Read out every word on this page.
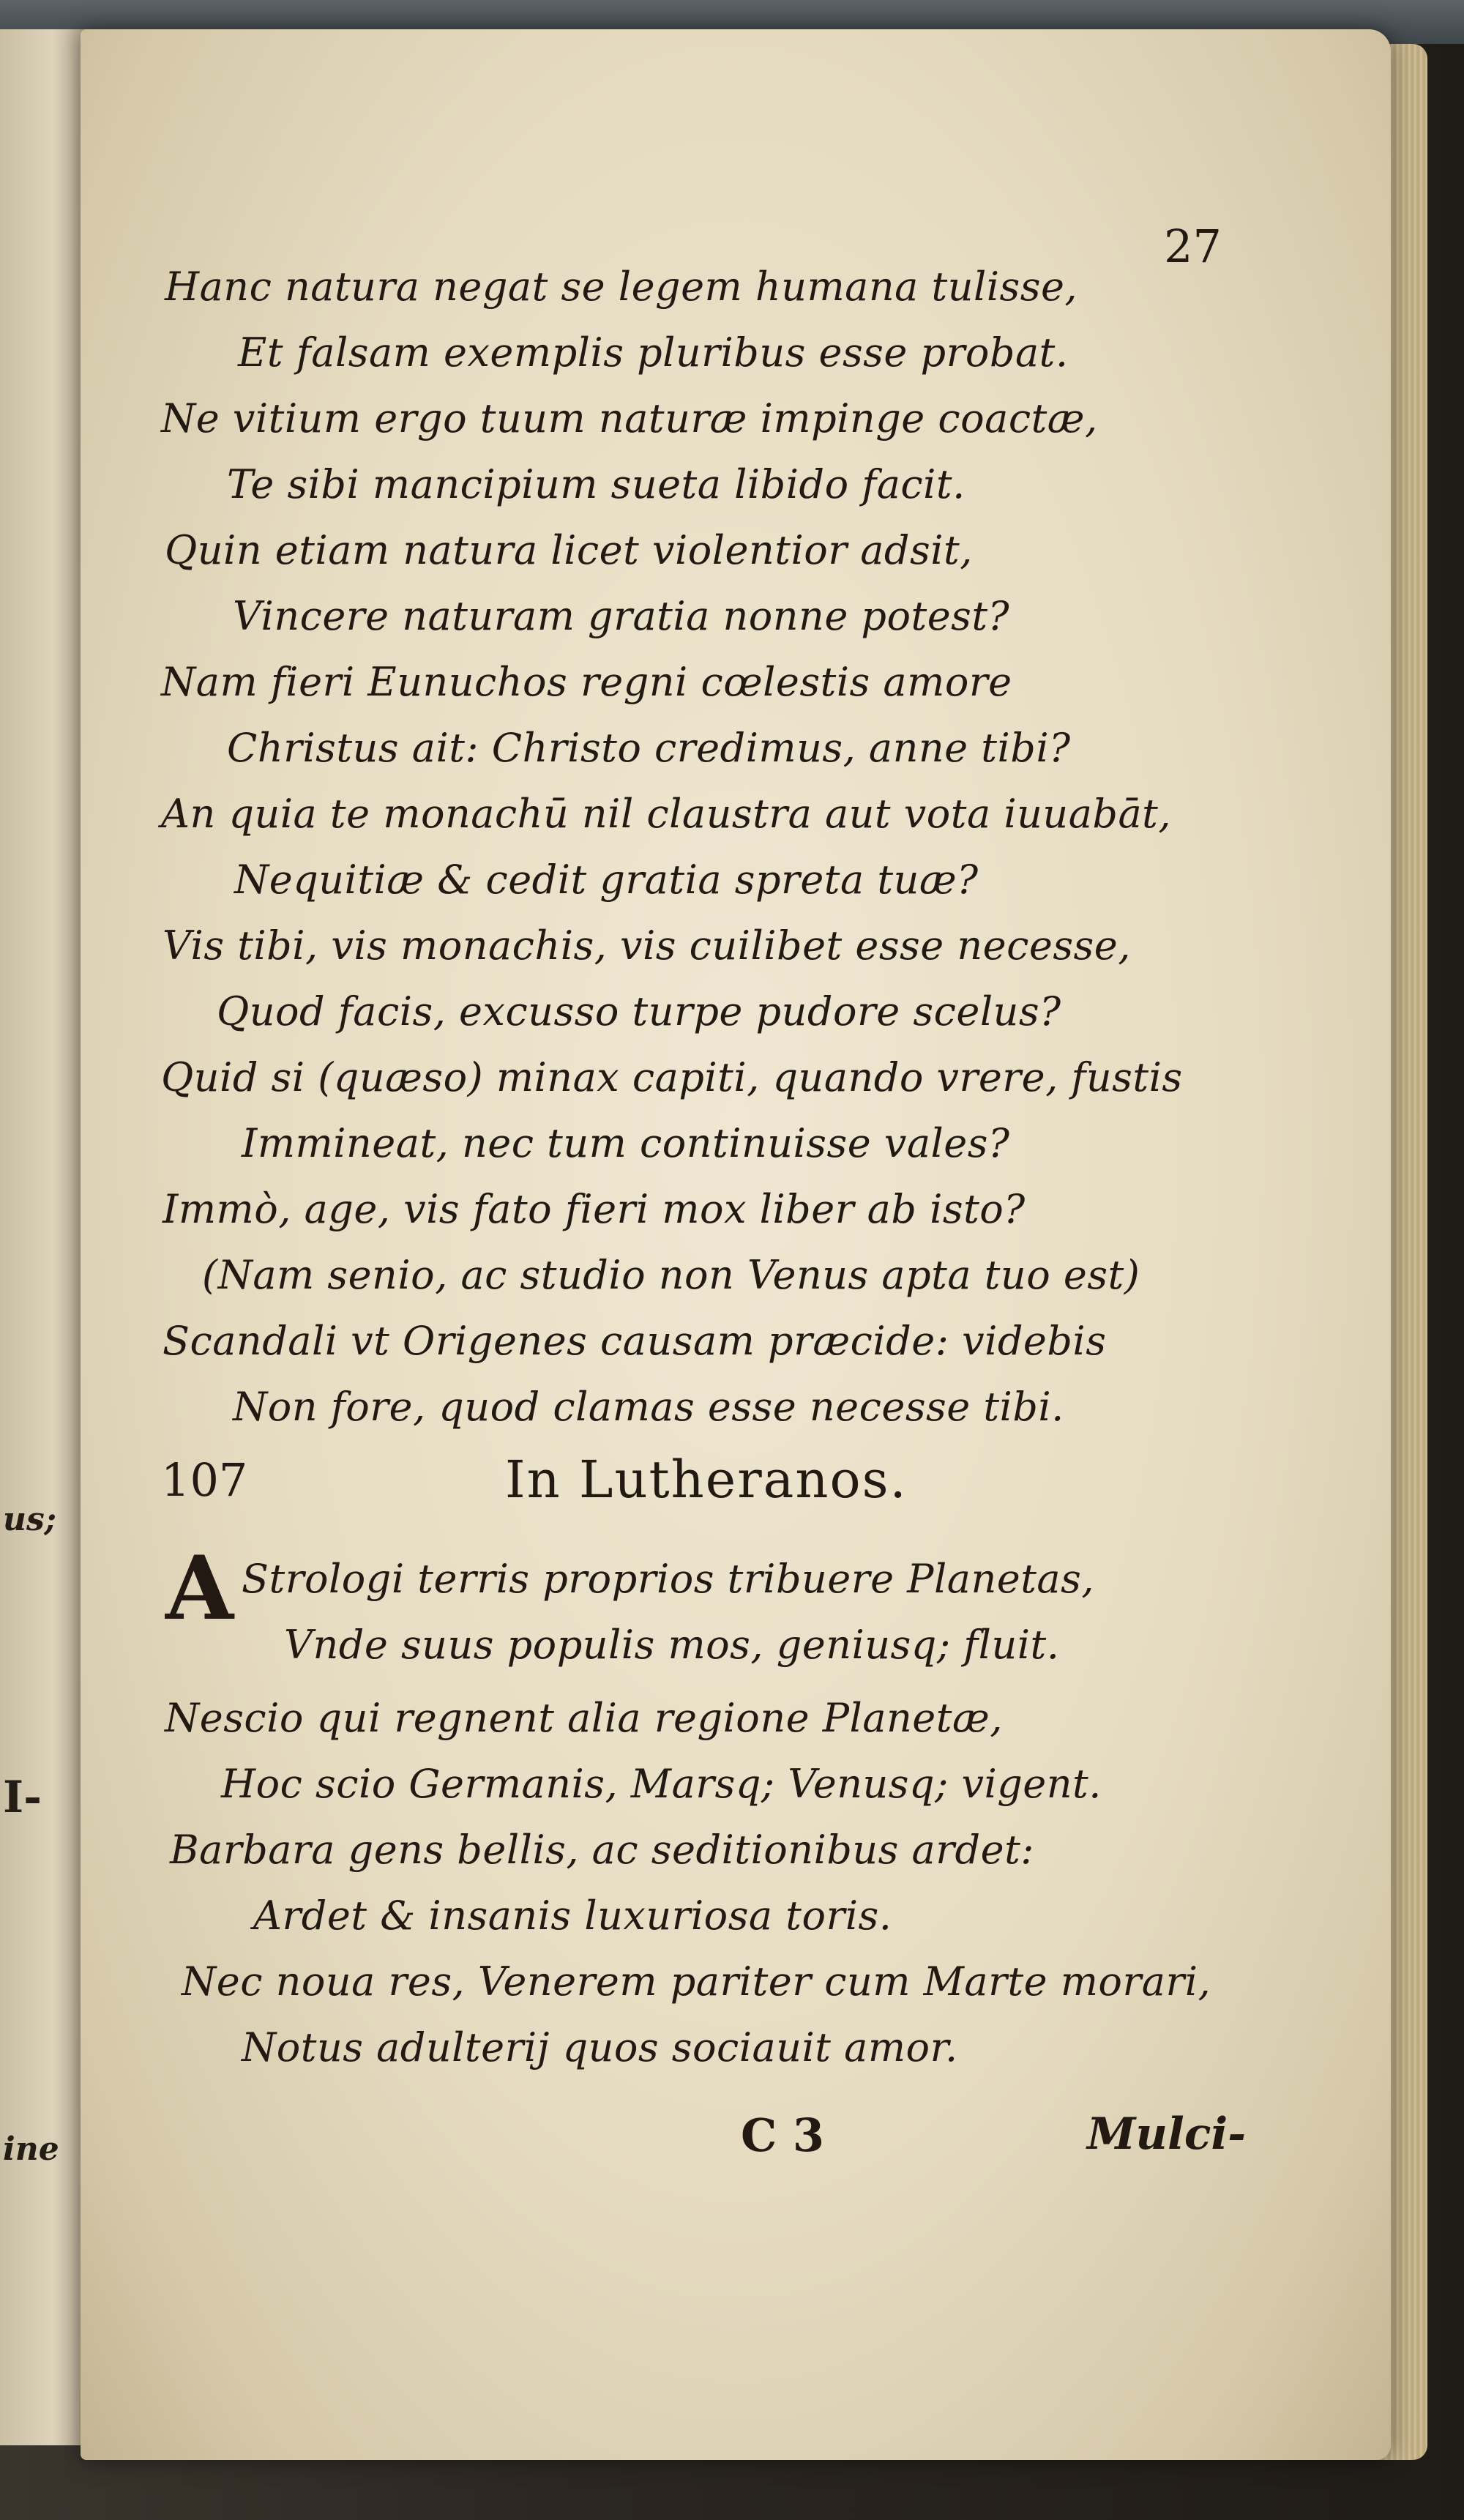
us;
I-
ine
27
Hanc natura negat se legem humana tulisse,
Et falsam exemplis pluribus esse probat.
Ne vitium ergo tuum naturæ impinge coactæ,
Te sibi mancipium sueta libido facit.
Quin etiam natura licet violentior adsit,
Vincere naturam gratia nonne potest?
Nam fieri Eunuchos regni cœlestis amore
Christus ait: Christo credimus, anne tibi?
An quia te monachū nil claustra aut vota iuuabāt,
Nequitiæ & cedit gratia spreta tuæ?
Vis tibi, vis monachis, vis cuilibet esse necesse,
Quod facis, excusso turpe pudore scelus?
Quid si (quæso) minax capiti, quando vrere, fustis
Immineat, nec tum continuisse vales?
Immò, age, vis fato fieri mox liber ab isto?
(Nam senio, ac studio non Venus apta tuo est)
Scandali vt Origenes causam præcide: videbis
Non fore, quod clamas esse necesse tibi.
107	In Lutheranos.
A Strologi terris proprios tribuere Planetas,
Vnde suus populis mos, geniusq; fluit.
Nescio qui regnent alia regione Planetæ,
Hoc scio Germanis, Marsq; Venusq; vigent.
Barbara gens bellis, ac seditionibus ardet:
Ardet & insanis luxuriosa toris.
Nec noua res, Venerem pariter cum Marte morari,
Notus adulterij quos sociauit amor.
C 3	Mulci-
